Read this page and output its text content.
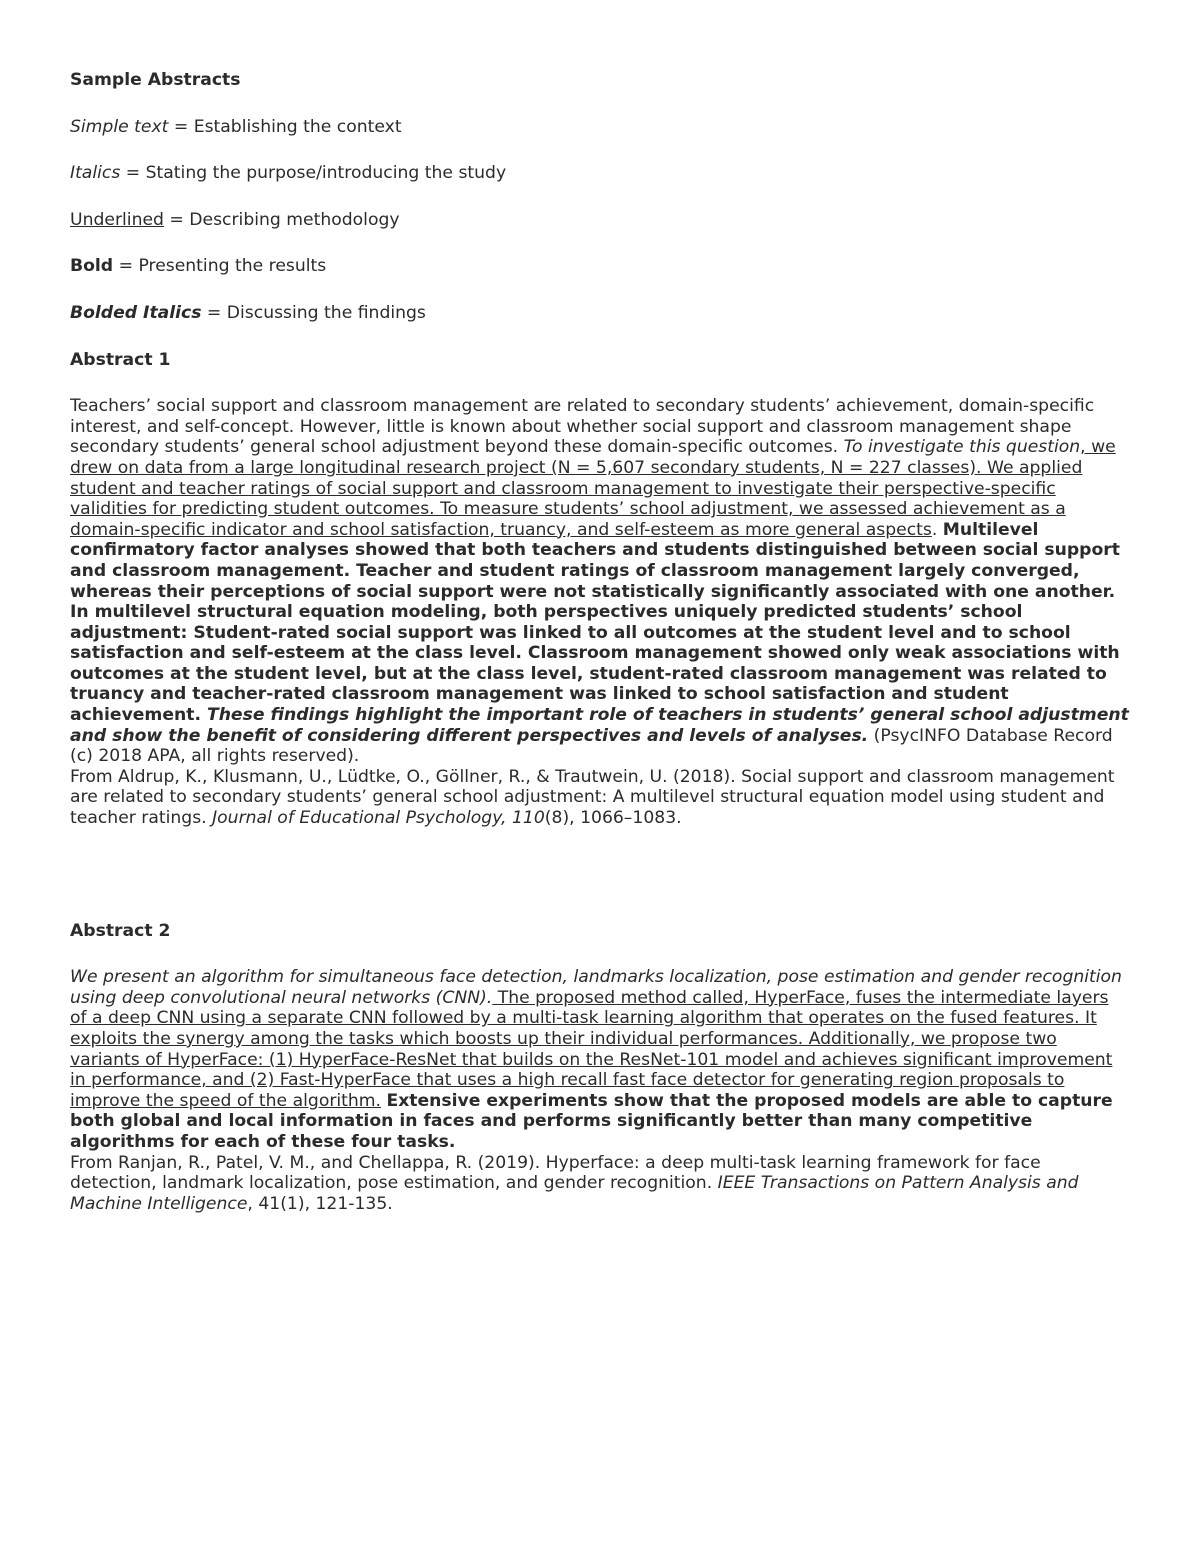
Sample Abstracts

Simple text = Establishing the context

Italics = Stating the purpose/introducing the study

Underlined = Describing methodology

Bold = Presenting the results

Bolded Italics = Discussing the findings

Abstract 1

Teachers’ social support and classroom management are related to secondary students’ achievement, domain-specific interest, and self-concept. However, little is known about whether social support and classroom management shape secondary students’ general school adjustment beyond these domain-specific outcomes. To investigate this question, we drew on data from a large longitudinal research project (N = 5,607 secondary students, N = 227 classes). We applied student and teacher ratings of social support and classroom management to investigate their perspective-specific validities for predicting student outcomes. To measure students’ school adjustment, we assessed achievement as a domain-specific indicator and school satisfaction, truancy, and self-esteem as more general aspects. Multilevel confirmatory factor analyses showed that both teachers and students distinguished between social support and classroom management. Teacher and student ratings of classroom management largely converged, whereas their perceptions of social support were not statistically significantly associated with one another. In multilevel structural equation modeling, both perspectives uniquely predicted students’ school adjustment: Student-rated social support was linked to all outcomes at the student level and to school satisfaction and self-esteem at the class level. Classroom management showed only weak associations with outcomes at the student level, but at the class level, student-rated classroom management was related to truancy and teacher-rated classroom management was linked to school satisfaction and student achievement. These findings highlight the important role of teachers in students’ general school adjustment and show the benefit of considering different perspectives and levels of analyses. (PsycINFO Database Record (c) 2018 APA, all rights reserved).

From Aldrup, K., Klusmann, U., Lüdtke, O., Göllner, R., & Trautwein, U. (2018). Social support and classroom management are related to secondary students’ general school adjustment: A multilevel structural equation model using student and teacher ratings. Journal of Educational Psychology, 110(8), 1066–1083.

Abstract 2

We present an algorithm for simultaneous face detection, landmarks localization, pose estimation and gender recognition using deep convolutional neural networks (CNN). The proposed method called, HyperFace, fuses the intermediate layers of a deep CNN using a separate CNN followed by a multi-task learning algorithm that operates on the fused features. It exploits the synergy among the tasks which boosts up their individual performances. Additionally, we propose two variants of HyperFace: (1) HyperFace-ResNet that builds on the ResNet-101 model and achieves significant improvement in performance, and (2) Fast-HyperFace that uses a high recall fast face detector for generating region proposals to improve the speed of the algorithm. Extensive experiments show that the proposed models are able to capture both global and local information in faces and performs significantly better than many competitive algorithms for each of these four tasks.

From Ranjan, R., Patel, V. M., and Chellappa, R. (2019). Hyperface: a deep multi-task learning framework for face detection, landmark localization, pose estimation, and gender recognition. IEEE Transactions on Pattern Analysis and Machine Intelligence, 41(1), 121-135.
